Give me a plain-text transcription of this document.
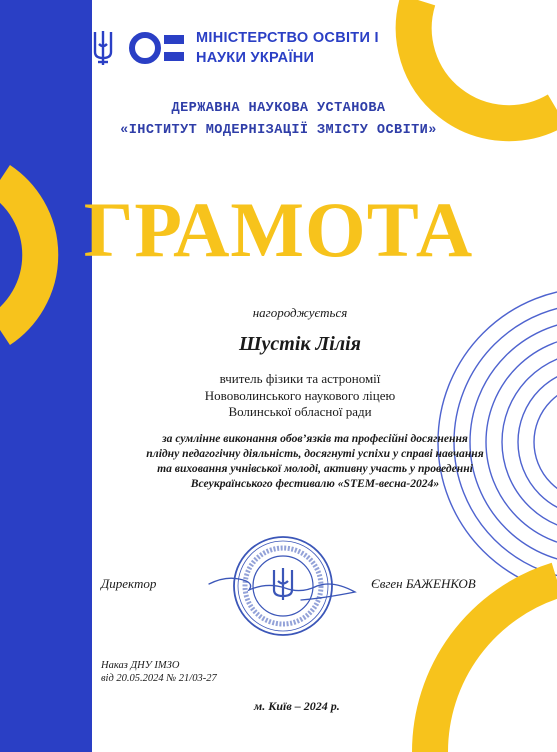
МІНІСТЕРСТВО ОСВІТИ І
НАУКИ УКРАЇНИ
ДЕРЖАВНА НАУКОВА УСТАНОВА
«ІНСТИТУТ МОДЕРНІЗАЦІЇ ЗМІСТУ ОСВІТИ»
ГРАМОТА
нагороджується
Шустік Лілія
вчитель фізики та астрономії
Нововолинського наукового ліцею
Волинської обласної ради
за сумлінне виконання обов’язків та професійні досягнення
плідну педагогічну діяльність, досягнуті успіхи у справі навчання
та виховання учнівської молоді, активну участь у проведенні
Всеукраїнського фестивалю «STEM-весна-2024»
Директор	Євген БАЖЕНКОВ
Наказ ДНУ ІМЗО
від 20.05.2024 № 21/03-27
м. Київ – 2024 р.
